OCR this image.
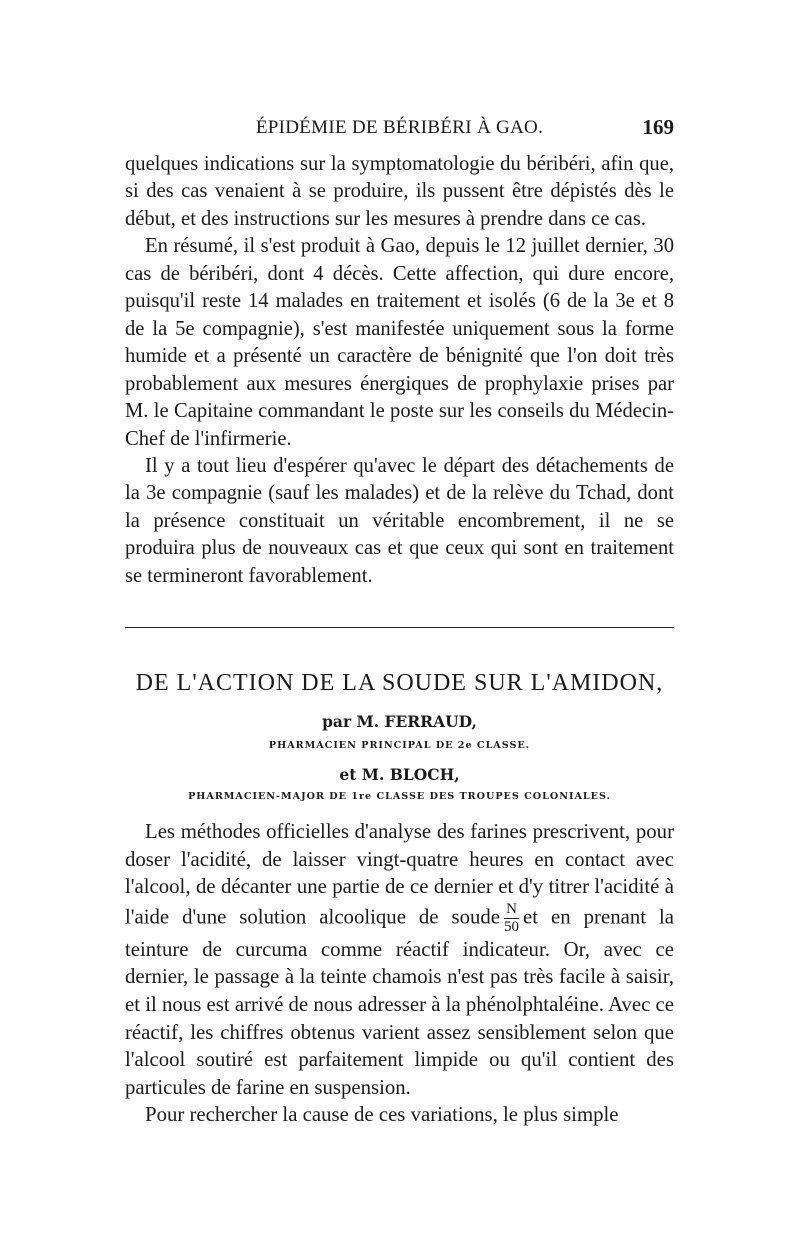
ÉPIDÉMIE DE BÉRIBÉRI À GAO.	169

quelques indications sur la symptomatologie du béribéri, afin que, si des cas venaient à se produire, ils pussent être dépistés dès le début, et des instructions sur les mesures à prendre dans ce cas.

En résumé, il s'est produit à Gao, depuis le 12 juillet dernier, 30 cas de béribéri, dont 4 décès. Cette affection, qui dure encore, puisqu'il reste 14 malades en traitement et isolés (6 de la 3e et 8 de la 5e compagnie), s'est manifestée uniquement sous la forme humide et a présenté un caractère de bénignité que l'on doit très probablement aux mesures énergiques de prophylaxie prises par M. le Capitaine commandant le poste sur les conseils du Médecin-Chef de l'infirmerie.

Il y a tout lieu d'espérer qu'avec le départ des détachements de la 3e compagnie (sauf les malades) et de la relève du Tchad, dont la présence constituait un véritable encombrement, il ne se produira plus de nouveaux cas et que ceux qui sont en traitement se termineront favorablement.

DE L'ACTION DE LA SOUDE SUR L'AMIDON,
par M. FERRAUD,
PHARMACIEN PRINCIPAL DE 2e CLASSE.
et M. BLOCH,
PHARMACIEN-MAJOR DE 1re CLASSE DES TROUPES COLONIALES.

Les méthodes officielles d'analyse des farines prescrivent, pour doser l'acidité, de laisser vingt-quatre heures en contact avec l'alcool, de décanter une partie de ce dernier et d'y titrer l'acidité à l'aide d'une solution alcoolique de soude $\frac{N}{50}$ et en prenant la teinture de curcuma comme réactif indicateur. Or, avec ce dernier, le passage à la teinte chamois n'est pas très facile à saisir, et il nous est arrivé de nous adresser à la phénolphtaléine. Avec ce réactif, les chiffres obtenus varient assez sensiblement selon que l'alcool soutiré est parfaitement limpide ou qu'il contient des particules de farine en suspension.

Pour rechercher la cause de ces variations, le plus simple
